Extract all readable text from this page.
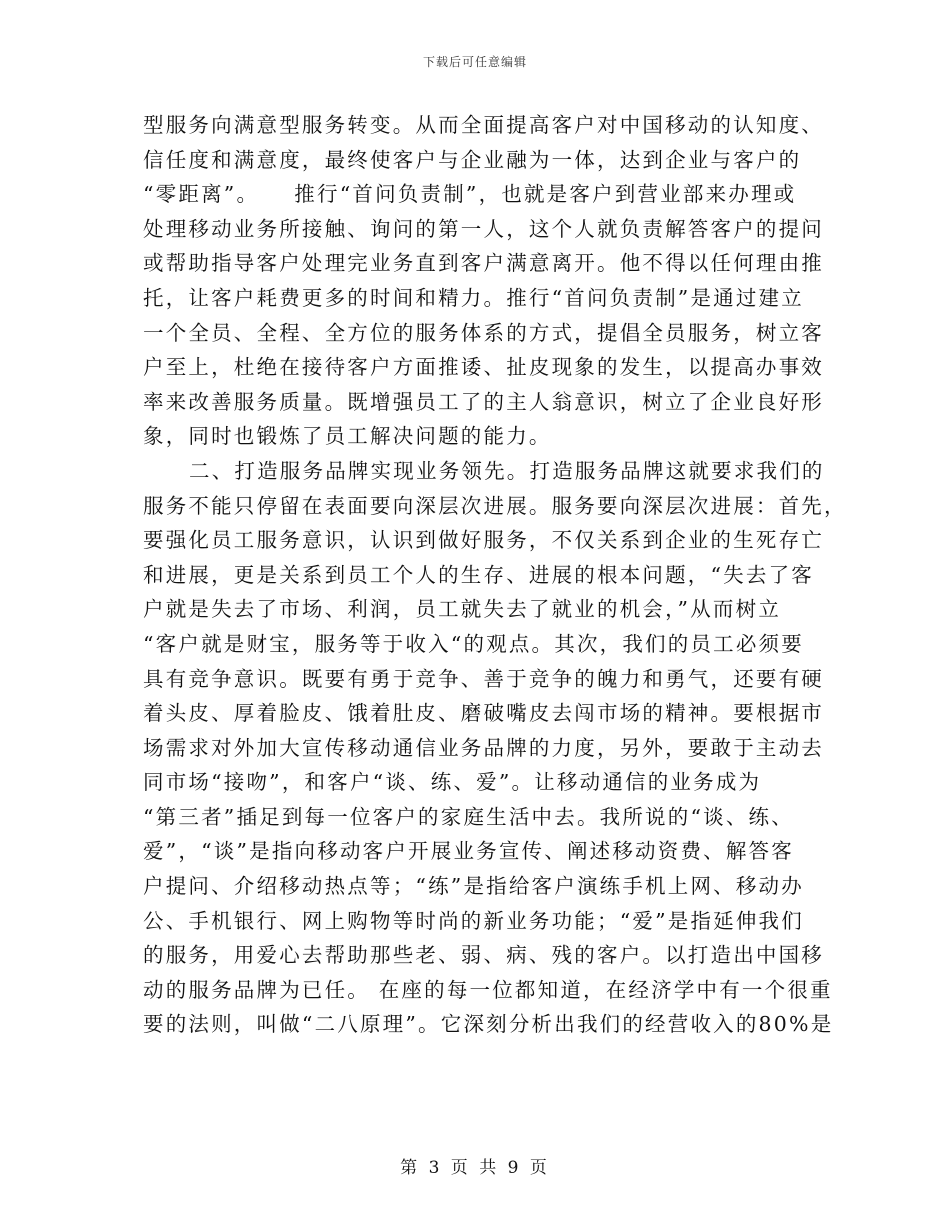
下载后可任意编辑
型服务向满意型服务转变。从而全面提高客户对中国移动的认知度、
信任度和满意度，最终使客户与企业融为一体，达到企业与客户的
“零距离”。　　推行“首问负责制”，也就是客户到营业部来办理或
处理移动业务所接触、询问的第一人，这个人就负责解答客户的提问
或帮助指导客户处理完业务直到客户满意离开。他不得以任何理由推
托，让客户耗费更多的时间和精力。推行“首问负责制”是通过建立
一个全员、全程、全方位的服务体系的方式，提倡全员服务，树立客
户至上，杜绝在接待客户方面推诿、扯皮现象的发生，以提高办事效
率来改善服务质量。既增强员工了的主人翁意识，树立了企业良好形
象，同时也锻炼了员工解决问题的能力。
二、打造服务品牌实现业务领先。打造服务品牌这就要求我们的
服务不能只停留在表面要向深层次进展。服务要向深层次进展：首先，
要强化员工服务意识，认识到做好服务，不仅关系到企业的生死存亡
和进展，更是关系到员工个人的生存、进展的根本问题，“失去了客
户就是失去了市场、利润，员工就失去了就业的机会，”从而树立
“客户就是财宝，服务等于收入“的观点。其次，我们的员工必须要
具有竞争意识。既要有勇于竞争、善于竞争的魄力和勇气，还要有硬
着头皮、厚着脸皮、饿着肚皮、磨破嘴皮去闯市场的精神。要根据市
场需求对外加大宣传移动通信业务品牌的力度，另外，要敢于主动去
同市场“接吻”，和客户“谈、练、爱”。让移动通信的业务成为
“第三者”插足到每一位客户的家庭生活中去。我所说的“谈、练、
爱”，“谈”是指向移动客户开展业务宣传、阐述移动资费、解答客
户提问、介绍移动热点等；“练”是指给客户演练手机上网、移动办
公、手机银行、网上购物等时尚的新业务功能；“爱”是指延伸我们
的服务，用爱心去帮助那些老、弱、病、残的客户。以打造出中国移
动的服务品牌为已任。 在座的每一位都知道，在经济学中有一个很重
要的法则，叫做“二八原理”。它深刻分析出我们的经营收入的80%是
第 3 页 共 9 页
